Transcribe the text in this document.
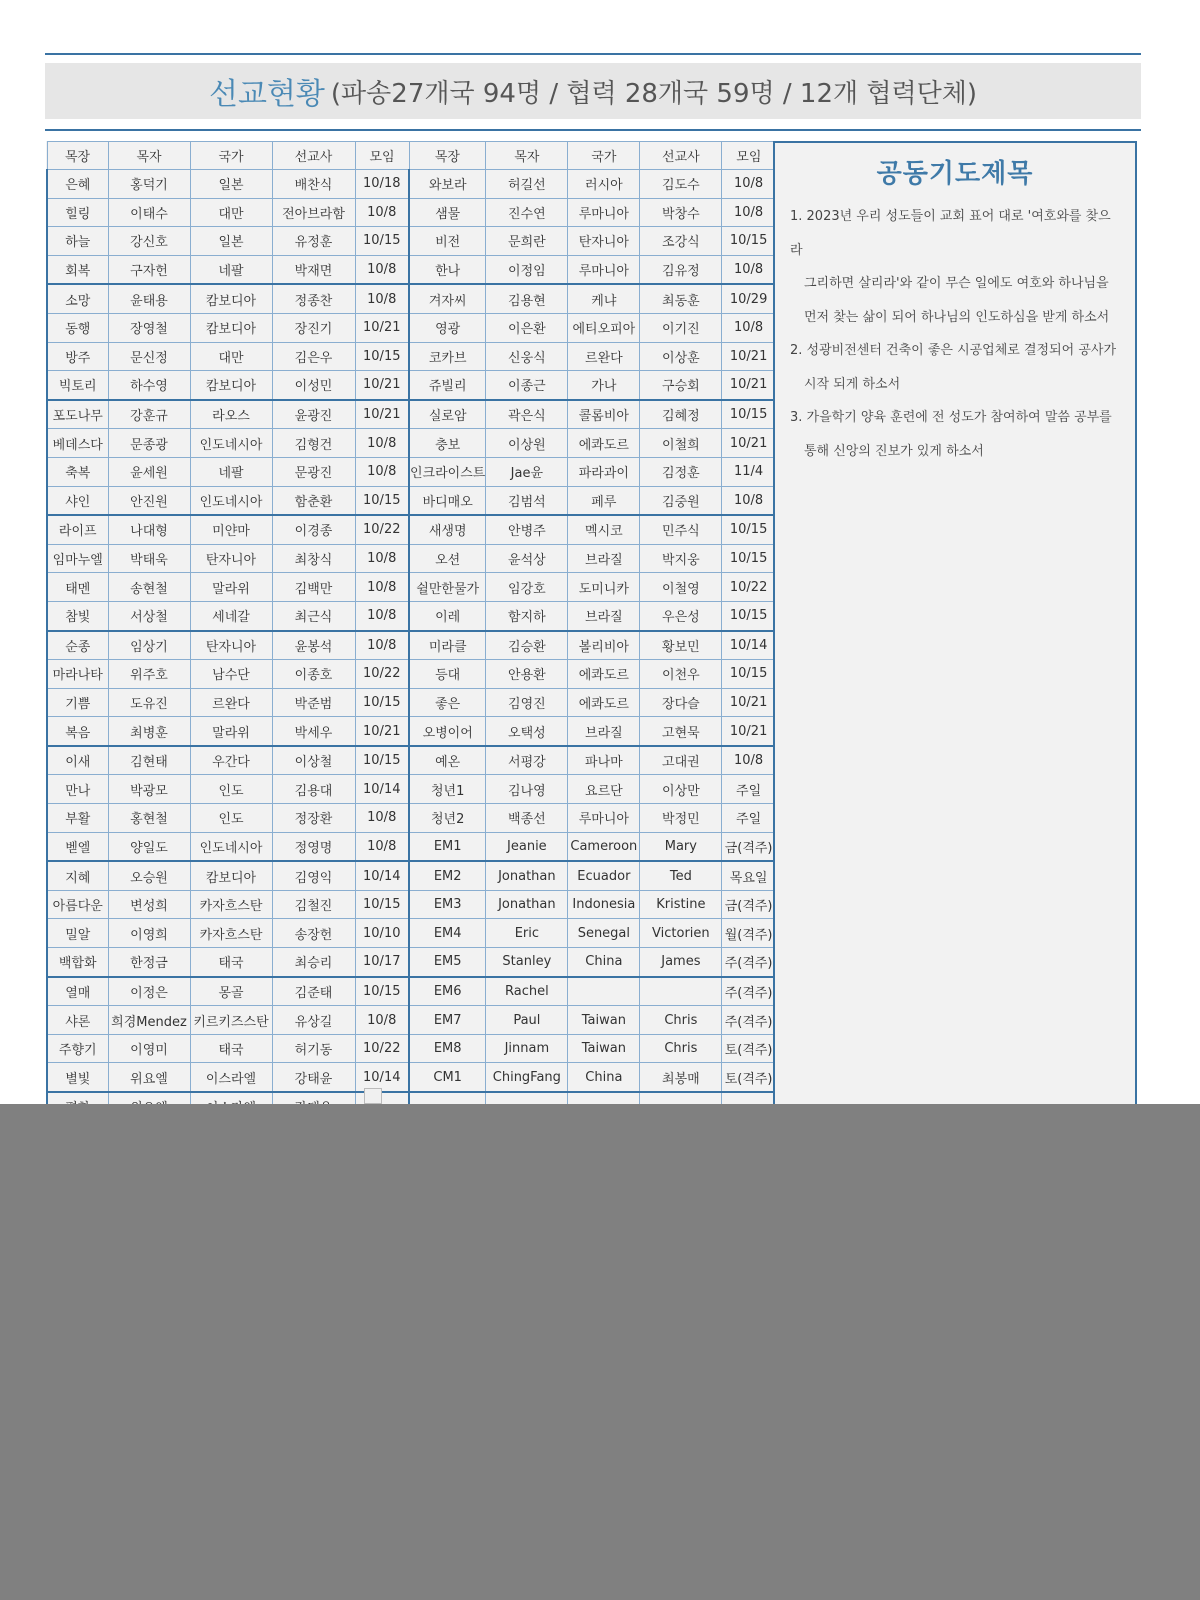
선교현황 (파송27개국 94명 / 협력 28개국 59명 / 12개 협력단체)
목장	목자	국가	선교사	모임	목장	목자	국가	선교사	모임
은혜	홍덕기	일본	배찬식	10/18	와보라	허길선	러시아	김도수	10/8
힐링	이태수	대만	전아브라함	10/8	샘물	진수연	루마니아	박창수	10/8
하늘	강신호	일본	유정훈	10/15	비전	문희란	탄자니아	조강식	10/15
회복	구자헌	네팔	박재면	10/8	한나	이정임	루마니아	김유정	10/8
소망	윤태용	캄보디아	정종찬	10/8	겨자씨	김용현	케냐	최동훈	10/29
동행	장영철	캄보디아	장진기	10/21	영광	이은환	에티오피아	이기진	10/8
방주	문신정	대만	김은우	10/15	코카브	신웅식	르완다	이상훈	10/21
빅토리	하수영	캄보디아	이성민	10/21	쥬빌리	이종근	가나	구승회	10/21
포도나무	강훈규	라오스	윤광진	10/21	실로암	곽은식	콜롬비아	김혜정	10/15
베데스다	문종광	인도네시아	김형건	10/8	충보	이상원	에콰도르	이철희	10/21
축복	윤세원	네팔	문광진	10/8	인크라이스트	Jae윤	파라과이	김정훈	11/4
샤인	안진원	인도네시아	함춘환	10/15	바디매오	김범석	페루	김중원	10/8
라이프	나대형	미얀마	이경종	10/22	새생명	안병주	멕시코	민주식	10/15
임마누엘	박태욱	탄자니아	최창식	10/8	오션	윤석상	브라질	박지웅	10/15
태멘	송현철	말라위	김백만	10/8	쉴만한물가	임강호	도미니카	이철영	10/22
참빛	서상철	세네갈	최근식	10/8	이레	함지하	브라질	우은성	10/15
순종	임상기	탄자니아	윤봉석	10/8	미라클	김승환	볼리비아	황보민	10/14
마라나타	위주호	남수단	이종호	10/22	등대	안용환	에콰도르	이천우	10/15
기쁨	도유진	르완다	박준범	10/15	좋은	김영진	에콰도르	장다슬	10/21
복음	최병훈	말라위	박세우	10/21	오병이어	오택성	브라질	고현묵	10/21
이새	김현태	우간다	이상철	10/15	예온	서평강	파나마	고대권	10/8
만나	박광모	인도	김용대	10/14	청년1	김나영	요르단	이상만	주일
부활	홍현철	인도	정장환	10/8	청년2	백종선	루마니아	박정민	주일
벧엘	양일도	인도네시아	정영명	10/8	EM1	Jeanie	Cameroon	Mary	금(격주)
지혜	오승원	캄보디아	김영익	10/14	EM2	Jonathan	Ecuador	Ted	목요일
아름다운	변성희	카자흐스탄	김철진	10/15	EM3	Jonathan	Indonesia	Kristine	금(격주)
밀알	이영희	카자흐스탄	송장헌	10/10	EM4	Eric	Senegal	Victorien	월(격주)
백합화	한정금	태국	최승리	10/17	EM5	Stanley	China	James	주(격주)
열매	이정은	몽골	김준태	10/15	EM6	Rachel			주(격주)
샤론	희경Mendez	키르키즈스탄	유상길	10/8	EM7	Paul	Taiwan	Chris	주(격주)
주향기	이영미	태국	허기동	10/22	EM8	Jinnam	Taiwan	Chris	토(격주)
별빛	위요엘	이스라엘	강태윤	10/14	CM1	ChingFang	China	최봉매	토(격주)

공동기도제목
1. 2023년 우리 성도들이 교회 표어 대로 '여호와를 찾으라
그리하면 살리라'와 같이 무슨 일에도 여호와 하나님을
먼저 찾는 삶이 되어 하나님의 인도하심을 받게 하소서
2. 성광비전센터 건축이 좋은 시공업체로 결정되어 공사가
시작 되게 하소서
3. 가을학기 양육 훈련에 전 성도가 참여하여 말씀 공부를
통해 신앙의 진보가 있게 하소서
